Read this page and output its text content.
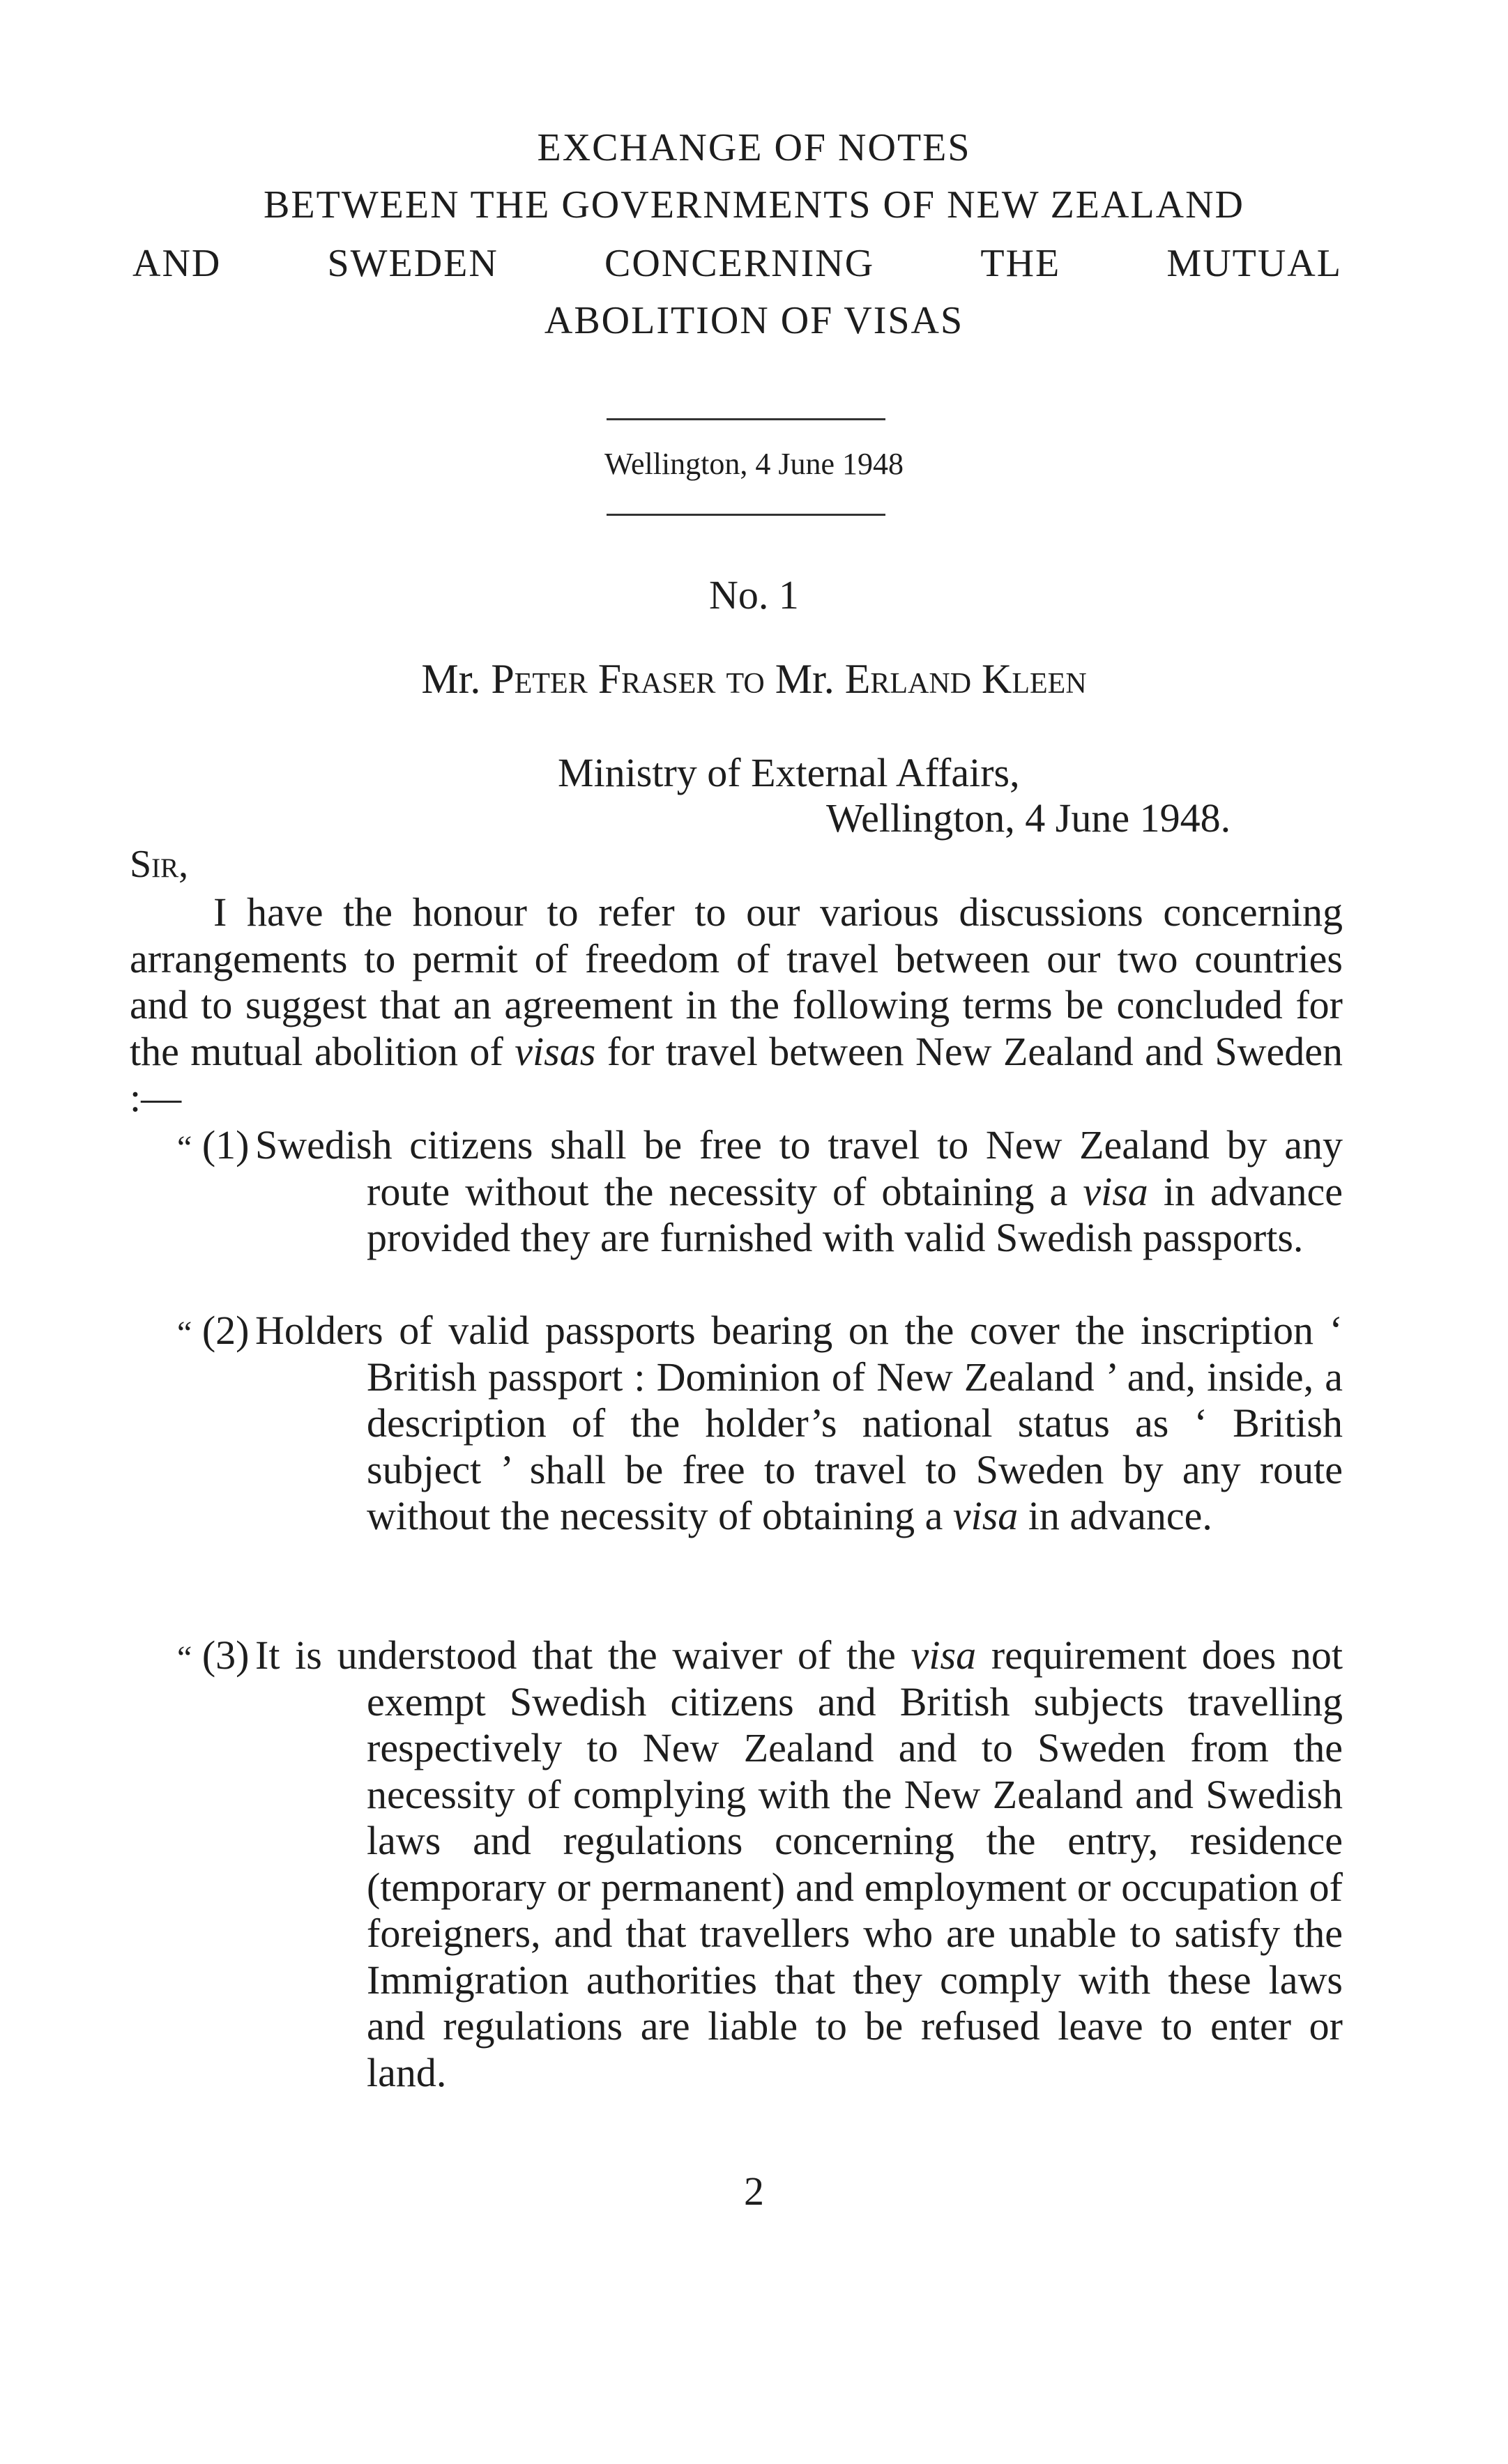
EXCHANGE OF NOTES
BETWEEN THE GOVERNMENTS OF NEW ZEALAND
AND	SWEDEN	CONCERNING	THE	MUTUAL
ABOLITION OF VISAS
Wellington, 4 June 1948
No. 1
Mr. Peter Fraser to Mr. Erland Kleen
Ministry of External Affairs,
Wellington, 4 June 1948.
Sir,

I have the honour to refer to our various discussions concerning arrangements to permit of freedom of travel between our two countries and to suggest that an agreement in the following terms be concluded for the mutual abolition of visas for travel between New Zealand and Sweden :—

“ (1) Swedish citizens shall be free to travel to New Zealand by any route without the necessity of obtaining a visa in advance provided they are furnished with valid Swedish passports.

“ (2) Holders of valid passports bearing on the cover the inscription ‘ British passport : Dominion of New Zealand ’ and, inside, a description of the holder’s national status as ‘ British subject ’ shall be free to travel to Sweden by any route without the necessity of obtaining a visa in advance.

“ (3) It is understood that the waiver of the visa requirement does not exempt Swedish citizens and British subjects travelling respectively to New Zealand and to Sweden from the necessity of complying with the New Zealand and Swedish laws and regulations concerning the entry, residence (temporary or permanent) and employment or occupation of foreigners, and that travellers who are unable to satisfy the Immigration authorities that they comply with these laws and regulations are liable to be refused leave to enter or land.

2
